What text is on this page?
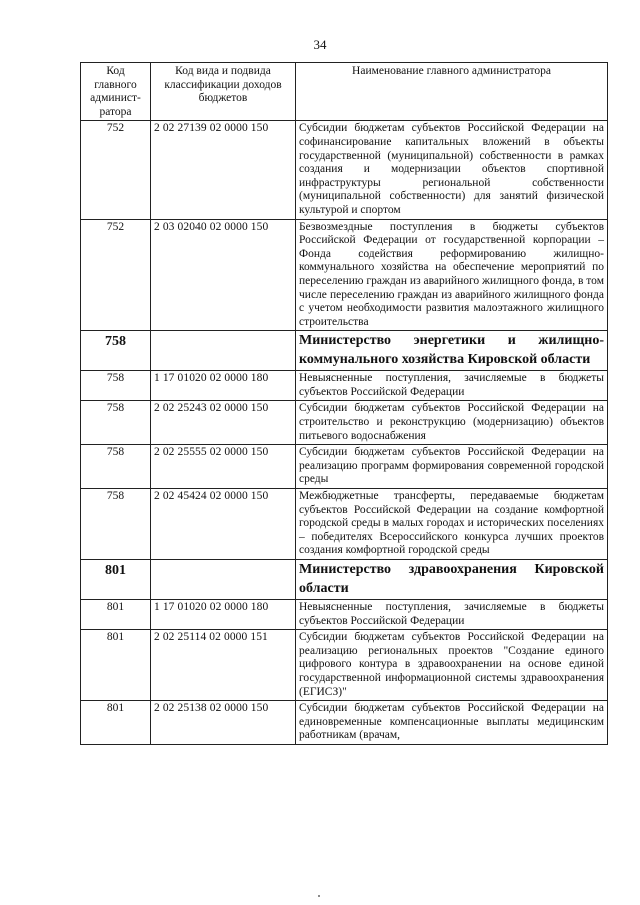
34
Код главного админист-ратора	Код вида и подвида классификации доходов бюджетов	Наименование главного администратора
752	2 02 27139 02 0000 150	Субсидии бюджетам субъектов Российской Федерации на софинансирование капитальных вложений в объекты государственной (муниципальной) собственности в рамках создания и модернизации объектов спортивной инфраструктуры региональной собственности (муниципальной собственности) для занятий физической культурой и спортом
752	2 03 02040 02 0000 150	Безвозмездные поступления в бюджеты субъектов Российской Федерации от государственной корпорации – Фонда содействия реформированию жилищно-коммунального хозяйства на обеспечение мероприятий по переселению граждан из аварийного жилищного фонда, в том числе переселению граждан из аварийного жилищного фонда с учетом необходимости развития малоэтажного жилищного строительства
758		Министерство энергетики и жилищно-коммунального хозяйства Кировской области
758	1 17 01020 02 0000 180	Невыясненные поступления, зачисляемые в бюджеты субъектов Российской Федерации
758	2 02 25243 02 0000 150	Субсидии бюджетам субъектов Российской Федерации на строительство и реконструкцию (модернизацию) объектов питьевого водоснабжения
758	2 02 25555 02 0000 150	Субсидии бюджетам субъектов Российской Федерации на реализацию программ формирования современной городской среды
758	2 02 45424 02 0000 150	Межбюджетные трансферты, передаваемые бюджетам субъектов Российской Федерации на создание комфортной городской среды в малых городах и исторических поселениях – победителях Всероссийского конкурса лучших проектов создания комфортной городской среды
801		Министерство здравоохранения Кировской области
801	1 17 01020 02 0000 180	Невыясненные поступления, зачисляемые в бюджеты субъектов Российской Федерации
801	2 02 25114 02 0000 151	Субсидии бюджетам субъектов Российской Федерации на реализацию региональных проектов "Создание единого цифрового контура в здравоохранении на основе единой государственной информационной системы здравоохранения (ЕГИСЗ)"
801	2 02 25138 02 0000 150	Субсидии бюджетам субъектов Российской Федерации на единовременные компенсационные выплаты медицинским работникам (врачам,
